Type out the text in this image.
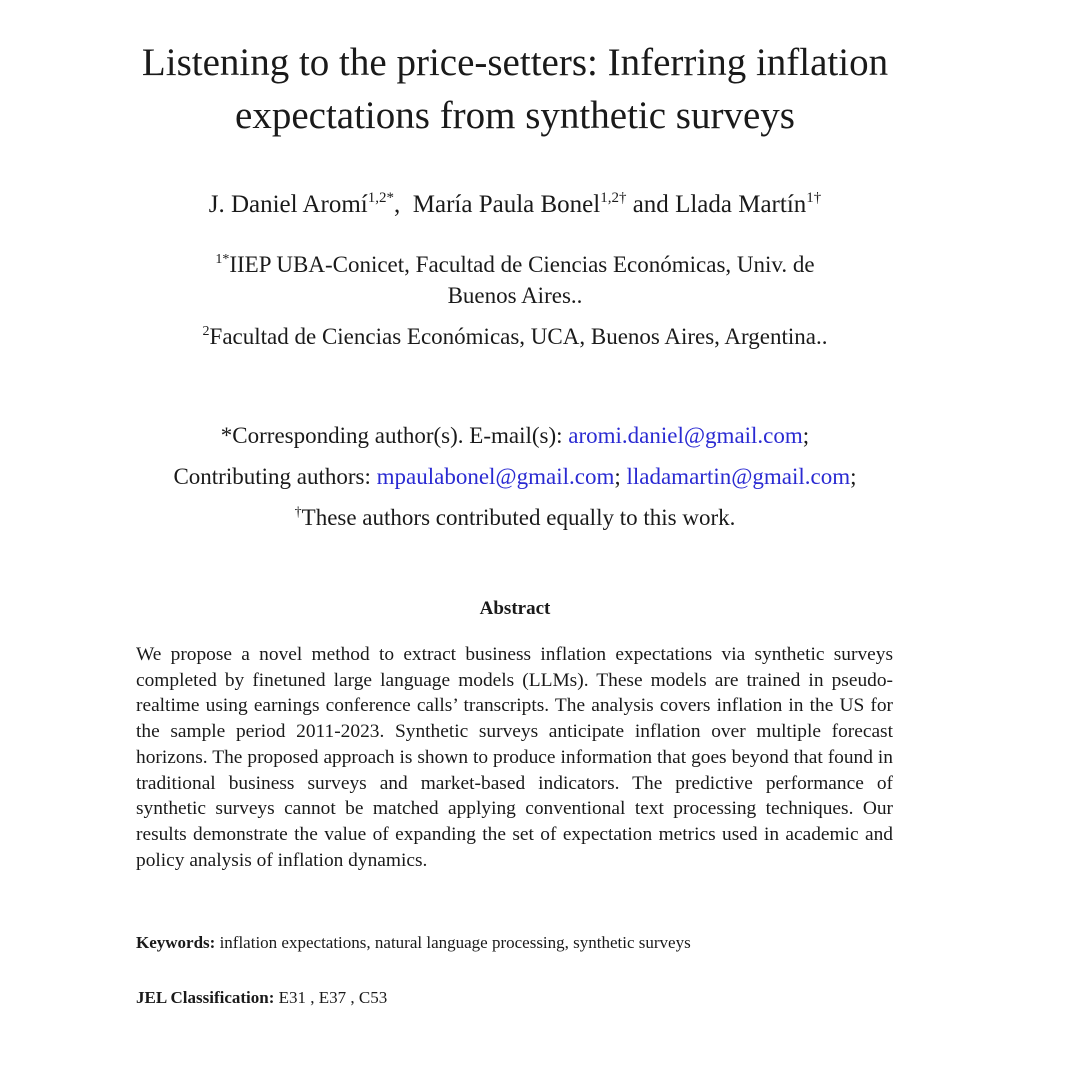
Listening to the price-setters: Inferring inflation
expectations from synthetic surveys
J. Daniel Aromí$^{1,2*}$,  María Paula Bonel$^{1,2\dagger}$ and Llada Martín$^{1\dagger}$
$^{1*}$IIEP UBA-Conicet, Facultad de Ciencias Económicas, Univ. de
Buenos Aires..
$^2$Facultad de Ciencias Económicas, UCA, Buenos Aires, Argentina..
*Corresponding author(s). E-mail(s): aromi.daniel@gmail.com;
Contributing authors: mpaulabonel@gmail.com; lladamartin@gmail.com;
†These authors contributed equally to this work.
Abstract

We propose a novel method to extract business inflation expectations via synthetic surveys completed by finetuned large language models (LLMs). These models are trained in pseudo-realtime using earnings conference calls’ transcripts. The analysis covers inflation in the US for the sample period 2011-2023. Synthetic surveys anticipate inflation over multiple forecast horizons. The proposed approach is shown to produce information that goes beyond that found in traditional business surveys and market-based indicators. The predictive performance of synthetic surveys cannot be matched applying conventional text processing techniques. Our results demonstrate the value of expanding the set of expectation metrics used in academic and policy analysis of inflation dynamics.

Keywords: inflation expectations, natural language processing, synthetic surveys

JEL Classification: E31 , E37 , C53
